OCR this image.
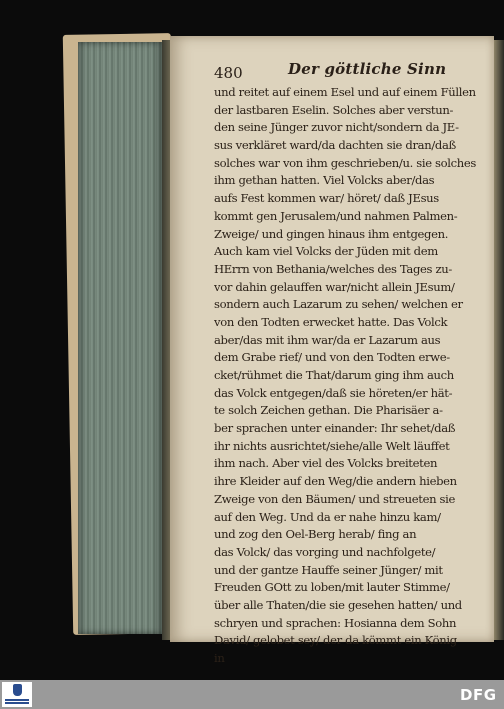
480	Der göttliche Sinn
und reitet auf einem Esel und auf einem Füllen
der lastbaren Eselin. Solches aber verstun-
den seine Jünger zuvor nicht/sondern da JE-
sus verkläret ward/da dachten sie dran/daß
solches war von ihm geschrieben/u. sie solches
ihm gethan hatten. Viel Volcks aber/das
aufs Fest kommen war/ höret/ daß JEsus
kommt gen Jerusalem/und nahmen Palmen-
Zweige/ und gingen hinaus ihm entgegen.
Auch kam viel Volcks der Jüden mit dem
HErrn von Bethania/welches des Tages zu-
vor dahin gelauffen war/nicht allein JEsum/
sondern auch Lazarum zu sehen/ welchen er
von den Todten erwecket hatte. Das Volck
aber/das mit ihm war/da er Lazarum aus
dem Grabe rief/ und von den Todten erwe-
cket/rühmet die That/darum ging ihm auch
das Volck entgegen/daß sie höreten/er hät-
te solch Zeichen gethan. Die Pharisäer a-
ber sprachen unter einander: Ihr sehet/daß
ihr nichts ausrichtet/siehe/alle Welt läuffet
ihm nach. Aber viel des Volcks breiteten
ihre Kleider auf den Weg/die andern hieben
Zweige von den Bäumen/ und streueten sie
auf den Weg. Und da er nahe hinzu kam/
und zog den Oel-Berg herab/ fing an
das Volck/ das vorging und nachfolgete/
und der gantze Hauffe seiner Jünger/ mit
Freuden GOtt zu loben/mit lauter Stimme/
über alle Thaten/die sie gesehen hatten/ und
schryen und sprachen: Hosianna dem Sohn
David/ gelobet sey/ der da kömmt ein König
in
DFG
